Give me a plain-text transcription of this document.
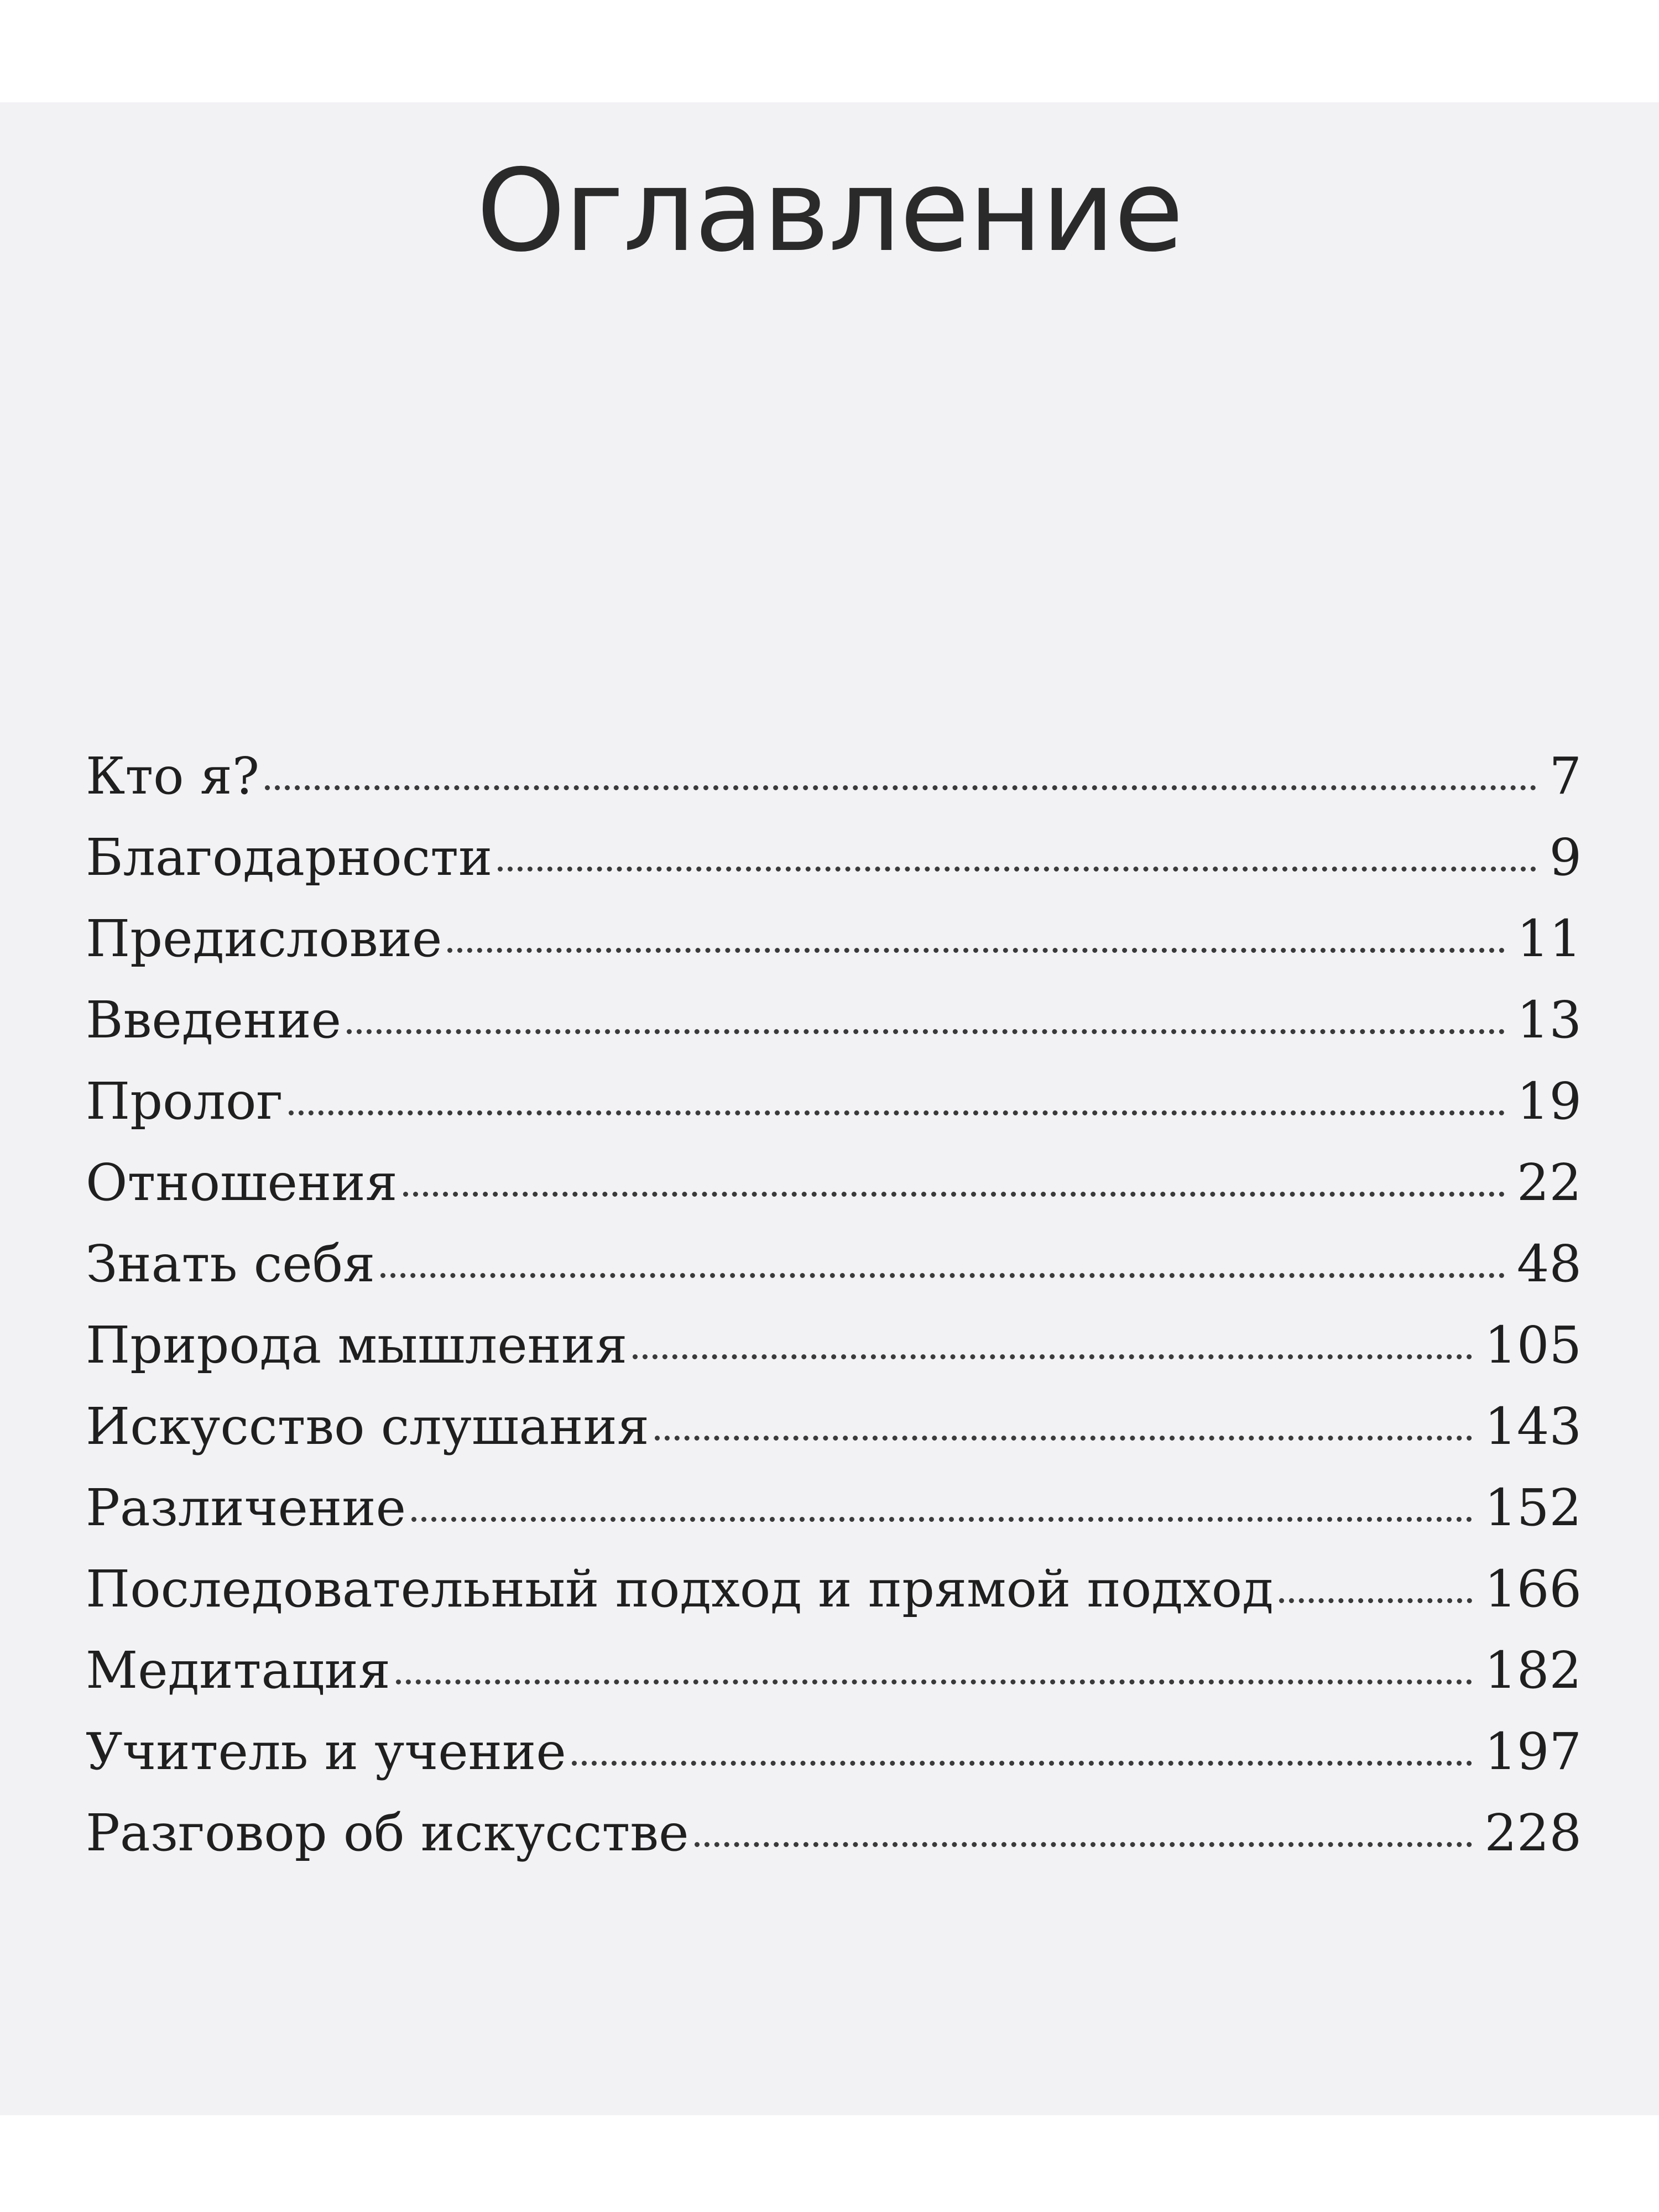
Оглавление
Кто я?	7
Благодарности	9
Предисловие	11
Введение	13
Пролог	19
Отношения	22
Знать себя	48
Природа мышления	105
Искусство слушания	143
Различение	152
Последовательный подход и прямой подход	166
Медитация	182
Учитель и учение	197
Разговор об искусстве	228
